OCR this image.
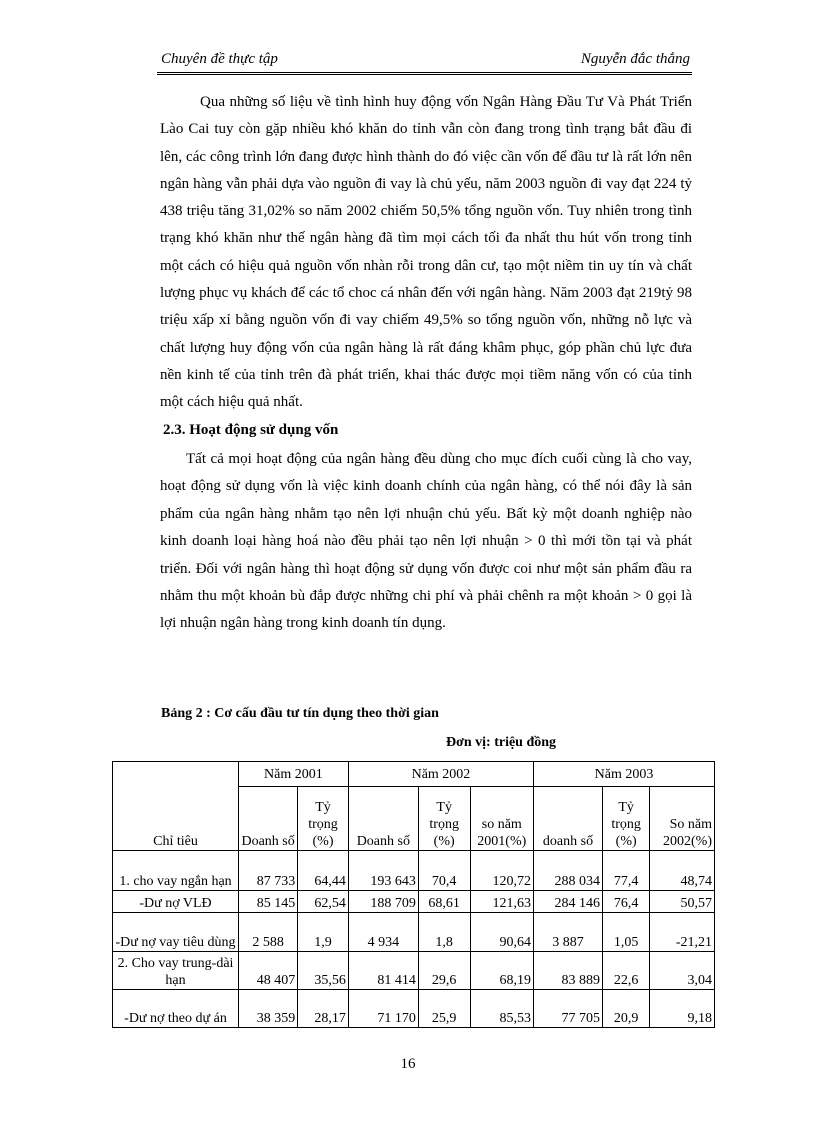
Chuyên đề thực tập	Nguyễn đắc thắng

Qua những số liệu về tình hình huy động vốn Ngân Hàng Đầu Tư Và Phát Triển Lào Cai tuy còn gặp nhiều khó khăn do tỉnh vẫn còn đang trong tình trạng bắt đầu đi lên, các công trình lớn đang được hình thành do đó việc cần vốn để đầu tư là rất lớn nên ngân hàng vẫn phải dựa vào nguồn đi vay là chủ yếu, năm 2003 nguồn đi vay đạt 224 tỷ 438 triệu tăng 31,02% so năm 2002 chiếm 50,5% tổng nguồn vốn. Tuy nhiên trong tình trạng khó khăn như thế ngân hàng đã tìm mọi cách tối đa nhất thu hút vốn trong tỉnh một cách có hiệu quả nguồn vốn nhàn rỗi trong dân cư, tạo một niềm tin uy tín và chất lượng phục vụ khách để các tổ choc cá nhân đến với ngân hàng. Năm 2003 đạt 219tỷ 98 triệu xấp xỉ bằng nguồn vốn đi vay chiếm 49,5% so tổng nguồn vốn, những nỗ lực và chất lượng huy động vốn của ngân hàng là rất đáng khâm phục, góp phần chủ lực đưa nền kinh tế của tỉnh trên đà phát triển, khai thác được mọi tiềm năng vốn có của tỉnh một cách hiệu quả nhất.

2.3. Hoạt động sử dụng vốn

Tất cả mọi hoạt động của ngân hàng đều dùng cho mục đích cuối cùng là cho vay, hoạt động sử dụng vốn là việc kinh doanh chính của ngân hàng, có thể nói đây là sản phẩm của ngân hàng nhằm tạo nên lợi nhuận chủ yếu. Bất kỳ một doanh nghiệp nào kinh doanh loại hàng hoá nào đều phải tạo nên lợi nhuận > 0 thì mới tồn tại và phát triển. Đối với ngân hàng thì hoạt động sử dụng vốn được coi như một sản phẩm đầu ra nhằm thu một khoản bù đắp được những chi phí và phải chênh ra một khoản > 0 gọi là lợi nhuận ngân hàng trong kinh doanh tín dụng.

Bảng 2 : Cơ cấu đầu tư tín dụng theo thời gian
Đơn vị: triệu đồng
Chỉ tiêu	Năm 2001		Năm 2002			Năm 2003		
	Doanh số	Tỷ trọng (%)	Doanh số	Tỷ trọng (%)	so năm 2001(%)	doanh số	Tỷ trọng (%)	So năm 2002(%)
1. cho vay ngắn hạn	87 733	64,44	193 643	70,4	120,72	288 034	77,4	48,74
-Dư nợ VLĐ	85 145	62,54	188 709	68,61	121,63	284 146	76,4	50,57
-Dư nợ vay tiêu dùng	2 588	1,9	4 934	1,8	90,64	3 887	1,05	-21,21
2. Cho vay trung-dài hạn	48 407	35,56	81 414	29,6	68,19	83 889	22,6	3,04
-Dư nợ theo dự án	38 359	28,17	71 170	25,9	85,53	77 705	20,9	9,18
16
